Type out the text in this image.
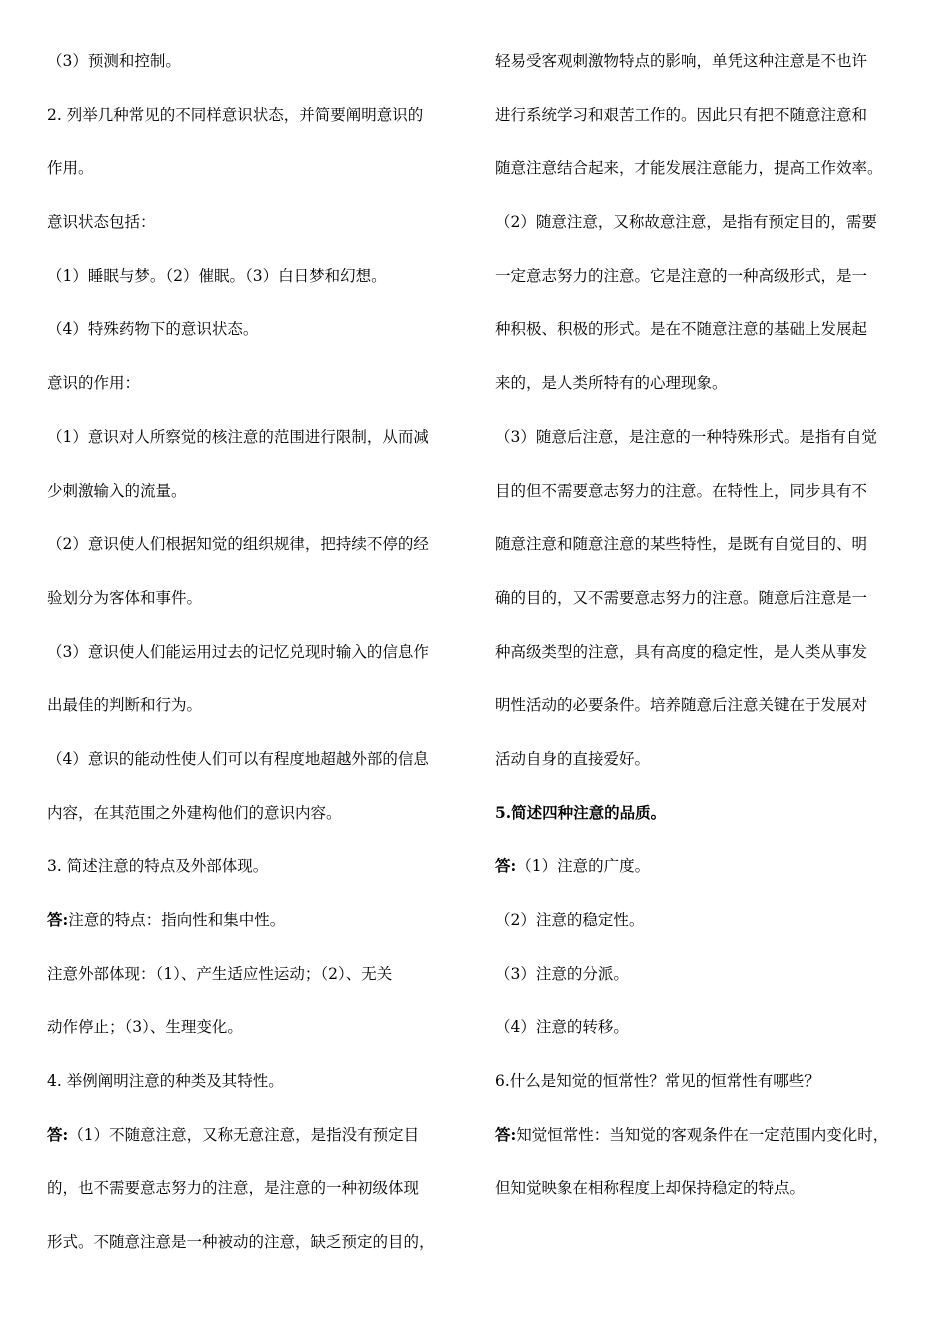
（3）预测和控制。
2. 列举几种常见的不同样意识状态，并简要阐明意识的
作用。
意识状态包括：
（1）睡眠与梦。（2）催眠。（3）白日梦和幻想。
（4）特殊药物下的意识状态。
意识的作用：
（1）意识对人所察觉的核注意的范围进行限制，从而减
少刺激输入的流量。
（2）意识使人们根据知觉的组织规律，把持续不停的经
验划分为客体和事件。
（3）意识使人们能运用过去的记忆兑现时输入的信息作
出最佳的判断和行为。
（4）意识的能动性使人们可以有程度地超越外部的信息
内容，在其范围之外建构他们的意识内容。
3. 简述注意的特点及外部体现。
答:注意的特点：指向性和集中性。
注意外部体现：（1）、产生适应性运动；（2）、无关
动作停止；（3）、生理变化。
4. 举例阐明注意的种类及其特性。
答:（1）不随意注意，又称无意注意，是指没有预定目
的，也不需要意志努力的注意，是注意的一种初级体现
形式。不随意注意是一种被动的注意，缺乏预定的目的，
轻易受客观刺激物特点的影响，单凭这种注意是不也许
进行系统学习和艰苦工作的。因此只有把不随意注意和
随意注意结合起来，才能发展注意能力，提高工作效率。
（2）随意注意，又称故意注意，是指有预定目的，需要
一定意志努力的注意。它是注意的一种高级形式，是一
种积极、积极的形式。是在不随意注意的基础上发展起
来的，是人类所特有的心理现象。
（3）随意后注意，是注意的一种特殊形式。是指有自觉
目的但不需要意志努力的注意。在特性上，同步具有不
随意注意和随意注意的某些特性，是既有自觉目的、明
确的目的，又不需要意志努力的注意。随意后注意是一
种高级类型的注意，具有高度的稳定性，是人类从事发
明性活动的必要条件。培养随意后注意关键在于发展对
活动自身的直接爱好。
5.简述四种注意的品质。
答:（1）注意的广度。
（2）注意的稳定性。
（3）注意的分派。
（4）注意的转移。
6.什么是知觉的恒常性？常见的恒常性有哪些？
答:知觉恒常性：当知觉的客观条件在一定范围内变化时，
但知觉映象在相称程度上却保持稳定的特点。
